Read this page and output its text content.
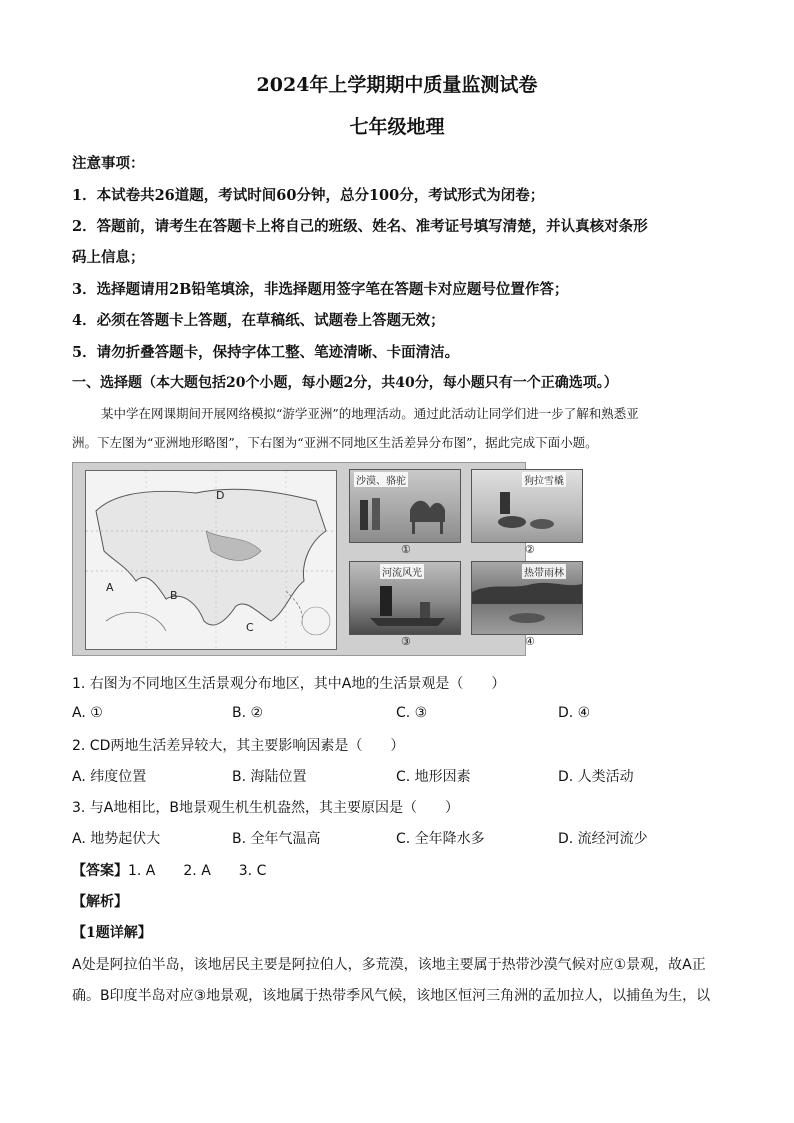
2024年上学期期中质量监测试卷
七年级地理
注意事项：
1．本试卷共26道题，考试时间60分钟，总分100分，考试形式为闭卷；
2．答题前，请考生在答题卡上将自己的班级、姓名、准考证号填写清楚，并认真核对条形
码上信息；
3．选择题请用2B铅笔填涂，非选择题用签字笔在答题卡对应题号位置作答；
4．必须在答题卡上答题，在草稿纸、试题卷上答题无效；
5．请勿折叠答题卡，保持字体工整、笔迹清晰、卡面清洁。
一、选择题（本大题包括20个小题，每小题2分，共40分，每小题只有一个正确选项。）
某中学在网课期间开展网络模拟“游学亚洲”的地理活动。通过此活动让同学们进一步了解和熟悉亚
洲。下左图为“亚洲地形略图”，下右图为“亚洲不同地区生活差异分布图”，据此完成下面小题。
A
B
C
D
沙漠、骆驼
①
狗拉雪橇
②
河流风光
③
热带雨林
④
1. 右图为不同地区生活景观分布地区，其中A地的生活景观是（　　）
A. ①	B. ②	C. ③	D. ④
2. CD两地生活差异较大，其主要影响因素是（　　）
A. 纬度位置	B. 海陆位置	C. 地形因素	D. 人类活动
3. 与A地相比，B地景观生机生机盎然，其主要原因是（　　）
A. 地势起伏大	B. 全年气温高	C. 全年降水多	D. 流经河流少
【答案】1. A　　2. A　　3. C
【解析】
【1题详解】
A处是阿拉伯半岛，该地居民主要是阿拉伯人，多荒漠，该地主要属于热带沙漠气候对应①景观，故A正
确。B印度半岛对应③地景观，该地属于热带季风气候，该地区恒河三角洲的孟加拉人，以捕鱼为生，以
